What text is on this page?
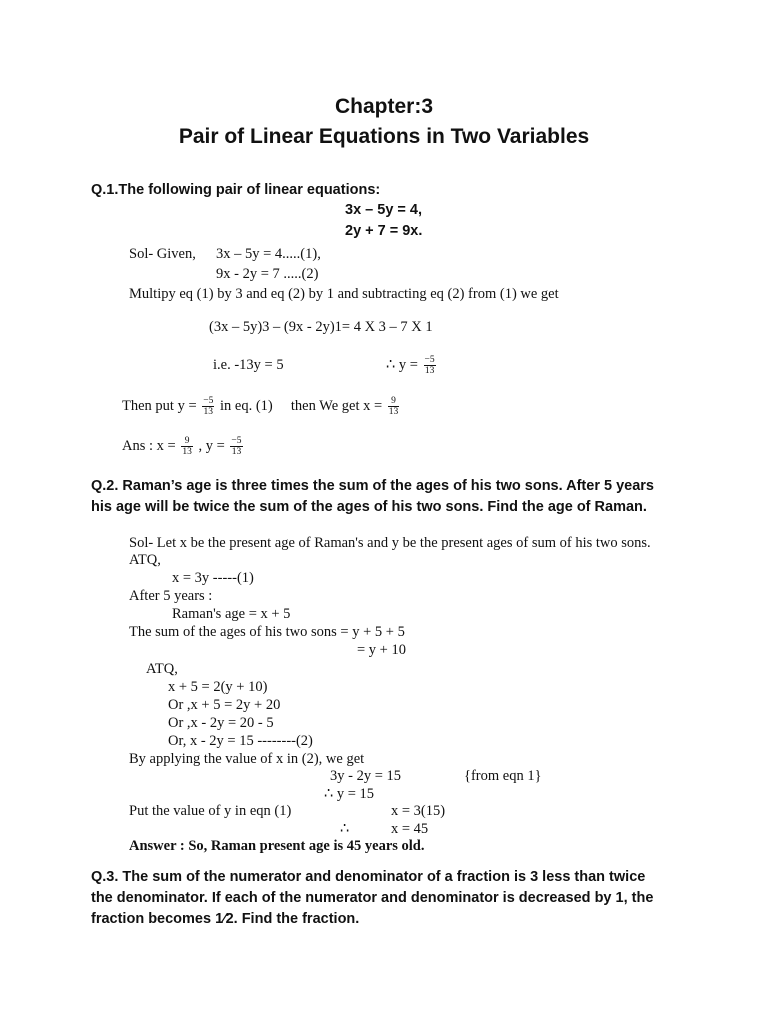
Chapter:3
Pair of Linear Equations in Two Variables
Q.1.The following pair of linear equations:
3x – 5y = 4,
2y + 7 = 9x.
Sol- Given, 3x – 5y = 4.....(1),
9x - 2y = 7 .....(2)
Multipy eq (1) by 3 and eq (2) by 1 and subtracting eq (2) from (1) we get
(3x – 5y)3 – (9x - 2y)1= 4 X 3 – 7 X 1
i.e. -13y = 5	∴ $y = \frac{-5}{13}$
Then put $y = \frac{-5}{13}$ in eq. (1) then We get $x = \frac{9}{13}$
Ans : $x = \frac{9}{13}$ , $y = \frac{-5}{13}$
Q.2. Raman’s age is three times the sum of the ages of his two sons. After 5 years
his age will be twice the sum of the ages of his two sons. Find the age of Raman.
Sol- Let x be the present age of Raman's and y be the present ages of sum of his two sons.
ATQ,
x = 3y -----(1)
After 5 years :
Raman's age = x + 5
The sum of the ages of his two sons = y + 5 + 5
= y + 10
ATQ,
x + 5 = 2(y + 10)
Or ,x + 5 = 2y + 20
Or ,x - 2y = 20 - 5
Or, x - 2y = 15 --------(2)
By applying the value of x in (2), we get
3y - 2y = 15	{from eqn 1}
∴ y = 15
Put the value of y in eqn (1)	x = 3(15)
∴	x = 45
Answer : So, Raman present age is 45 years old.
Q.3. The sum of the numerator and denominator of a fraction is 3 less than twice
the denominator. If each of the numerator and denominator is decreased by 1, the
fraction becomes 1⁄2. Find the fraction.
